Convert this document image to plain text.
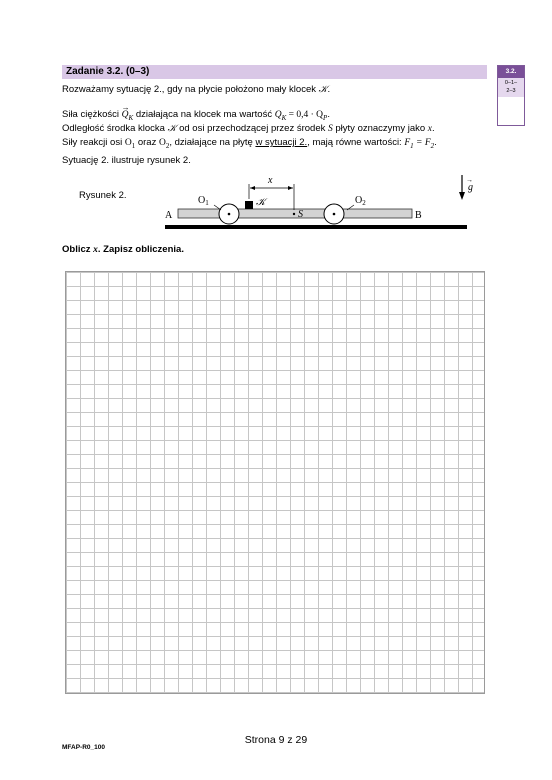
Zadanie 3.2. (0–3)	3.2.
0–1–
2–3
Rozważamy sytuację 2., gdy na płycie położono mały klocek 𝒦.
Siła ciężkości
→
$Q_K$ działająca na klocek ma wartość $Q_K = 0,4 \cdot Q_P$.
Odległość środka klocka 𝒦 od osi przechodzącej przez środek S płyty oznaczymy jako x.
Siły reakcji osi $O_1$ oraz $O_2$, działające na płytę w sytuacji 2., mają równe wartości: $F_1 = F_2$.
Sytuację 2. ilustruje rysunek 2.
Rysunek 2.
A	B
$O_1$	$O_2$
𝒦
S
x
g
→
Oblicz x. Zapisz obliczenia.
Strona 9 z 29
MFAP-R0_100
